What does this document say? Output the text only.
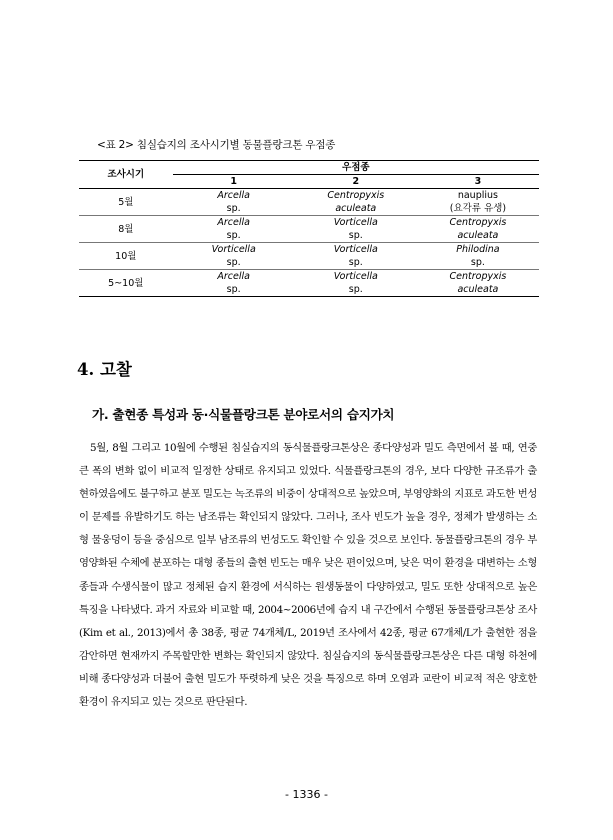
<표 2> 침실습지의 조사시기별 동물플랑크톤 우점종
조사시기	우점종		
	1	2	3
5월	Arcella	Centropyxis	nauplius
	sp.	aculeata	(요각류 유생)
8월	Arcella	Vorticella	Centropyxis
	sp.	sp.	aculeata
10월	Vorticella	Vorticella	Philodina
	sp.	sp.	sp.
5~10월	Arcella	Vorticella	Centropyxis
	sp.	sp.	aculeata
4. 고찰
가. 출현종 특성과 동·식물플랑크톤 분야로서의 습지가치
5월, 8월 그리고 10월에 수행된 침실습지의 동식물플랑크톤상은 종다양성과 밀도 측면에서 볼 때, 연중 큰 폭의 변화 없이 비교적 일정한 상태로 유지되고 있었다. 식물플랑크톤의 경우, 보다 다양한 규조류가 출현하였음에도 불구하고 분포 밀도는 녹조류의 비중이 상대적으로 높았으며, 부영양화의 지표로 과도한 번성이 문제를 유발하기도 하는 남조류는 확인되지 않았다. 그러나, 조사 빈도가 높을 경우, 정체가 발생하는 소형 물웅덩이 등을 중심으로 일부 남조류의 번성도도 확인할 수 있을 것으로 보인다. 동물플랑크톤의 경우 부영양화된 수체에 분포하는 대형 종들의 출현 빈도는 매우 낮은 편이었으며, 낮은 먹이 환경을 대변하는 소형 종들과 수생식물이 많고 정체된 습지 환경에 서식하는 원생동물이 다양하였고, 밀도 또한 상대적으로 높은 특징을 나타냈다. 과거 자료와 비교할 때, 2004~2006년에 습지 내 구간에서 수행된 동물플랑크톤상 조사(Kim et al., 2013)에서 총 38종, 평균 74개체/L, 2019년 조사에서 42종, 평균 67개체/L가 출현한 점을 감안하면 현재까지 주목할만한 변화는 확인되지 않았다. 침실습지의 동식물플랑크톤상은 다른 대형 하천에 비해 종다양성과 더불어 출현 밀도가 뚜렷하게 낮은 것을 특징으로 하며 오염과 교란이 비교적 적은 양호한 환경이 유지되고 있는 것으로 판단된다.
- 1336 -
